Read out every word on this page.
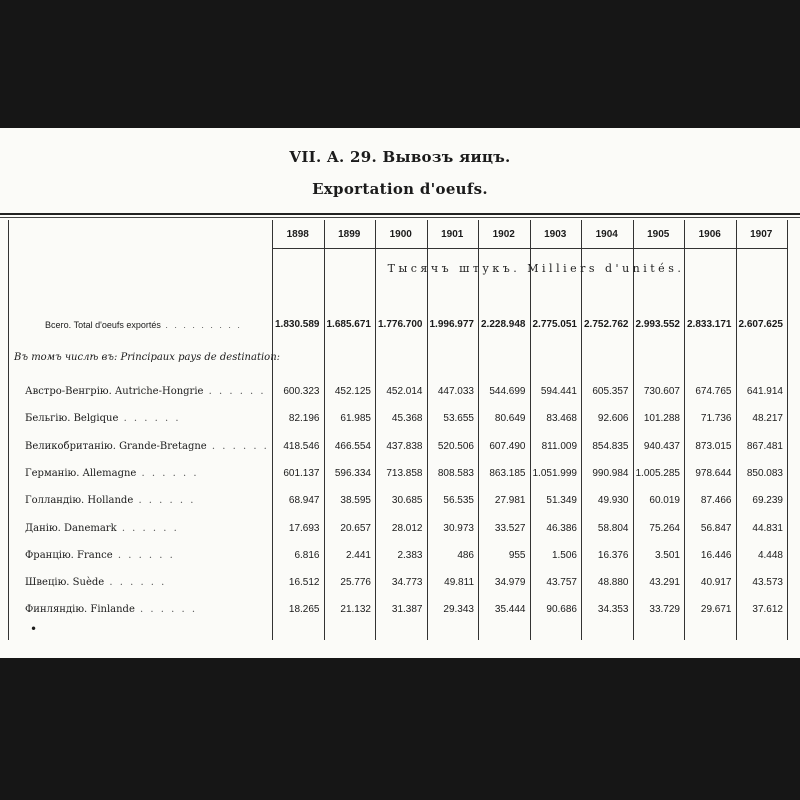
VII. A. 29. Вывозъ яицъ.
Exportation d'oeufs.
1898	1899	1900	1901	1902	1903	1904	1905	1906	1907
Тысячъ штукъ. Milliers d'unités.
Всего. Total d'oeufs exportés . . . . . . . . .	1.830.589 1.685.671 1.776.700 1.996.977 2.228.948 2.775.051 2.752.762 2.993.552 2.833.171 2.607.625
Въ томъ числѣ въ: Principaux pays de destination:
Австро-Венгрію. Autriche-Hongrie . . . . . .	600.323	452.125	452.014	447.033	544.699	594.441	605.357	730.607	674.765	641.914
Бельгію. Belgique . . . . . .	82.196	61.985	45.368	53.655	80.649	83.468	92.606	101.288	71.736	48.217
Великобританію. Grande-Bretagne . . . . . .	418.546	466.554	437.838	520.506	607.490	811.009	854.835	940.437	873.015	867.481
Германію. Allemagne . . . . . .	601.137	596.334	713.858	808.583	863.185 1.051.999	990.984 1.005.285	978.644	850.083
Голландію. Hollande . . . . . .	68.947	38.595	30.685	56.535	27.981	51.349	49.930	60.019	87.466	69.239
Данію. Danemark . . . . . .	17.693	20.657	28.012	30.973	33.527	46.386	58.804	75.264	56.847	44.831
Францію. France . . . . . .	6.816	2.441	2.383	486	955	1.506	16.376	3.501	16.446	4.448
Швецію. Suède . . . . . .	16.512	25.776	34.773	49.811	34.979	43.757	48.880	43.291	40.917	43.573
Финляндію. Finlande . . . . . .	18.265	21.132	31.387	29.343	35.444	90.686	34.353	33.729	29.671	37.612
•
